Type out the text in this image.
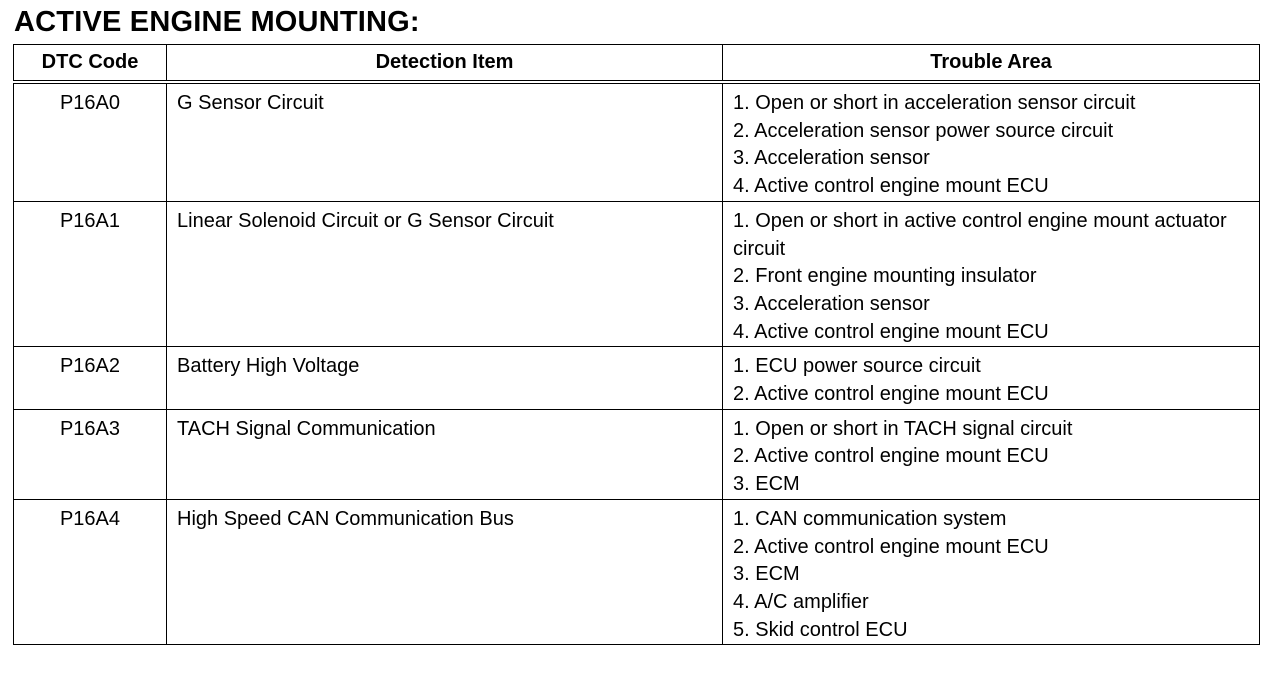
ACTIVE ENGINE MOUNTING:
DTC Code	Detection Item	Trouble Area
P16A0	G Sensor Circuit	1. Open or short in acceleration sensor circuit
2. Acceleration sensor power source circuit
3. Acceleration sensor
4. Active control engine mount ECU

P16A1	Linear Solenoid Circuit or G Sensor Circuit	1. Open or short in active control engine mount actuator circuit
2. Front engine mounting insulator
3. Acceleration sensor
4. Active control engine mount ECU

P16A2	Battery High Voltage	1. ECU power source circuit
2. Active control engine mount ECU

P16A3	TACH Signal Communication	1. Open or short in TACH signal circuit
2. Active control engine mount ECU
3. ECM

P16A4	High Speed CAN Communication Bus	1. CAN communication system
2. Active control engine mount ECU
3. ECM
4. A/C amplifier
5. Skid control ECU
